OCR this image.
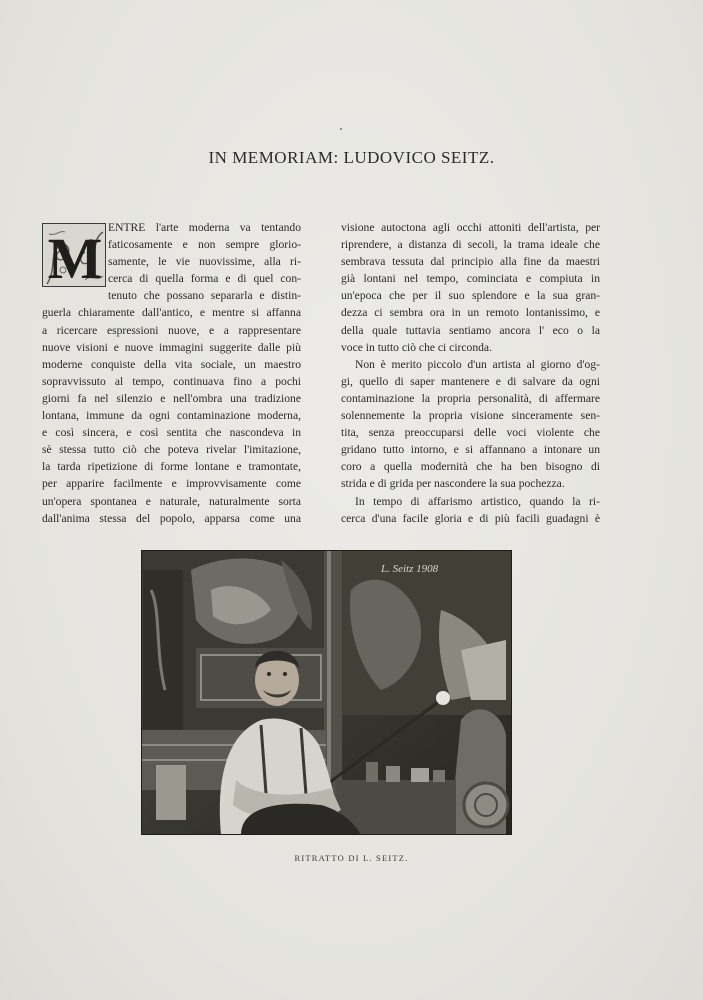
IN MEMORIAM: LUDOVICO SEITZ.
M ENTRE l'arte moderna va tentando
faticosamente e non sempre glorio-
samente, le vie nuovissime, alla ri-
cerca di quella forma e di quel con-
tenuto che possano separarla e distin-
guerla chiaramente dall'antico, e mentre si affanna
a ricercare espressioni nuove, e a rappresentare
nuove visioni e nuove immagini suggerite dalle più
moderne conquiste della vita sociale, un maestro
sopravvissuto al tempo, continuava fino a pochi
giorni fa nel silenzio e nell'ombra una tradizione
lontana, immune da ogni contaminazione moderna,
e così sincera, e così sentita che nascondeva in
sè stessa tutto ciò che poteva rivelar l'imitazione,
la tarda ripetizione di forme lontane e tramontate,
per apparire facilmente e improvvisamente come
un'opera spontanea e naturale, naturalmente sorta
dall'anima stessa del popolo, apparsa come una
visione autoctona agli occhi attoniti dell'artista, per
riprendere, a distanza di secoli, la trama ideale che
sembrava tessuta dal principio alla fine da maestri
già lontani nel tempo, cominciata e compiuta in
un'epoca che per il suo splendore e la sua gran-
dezza ci sembra ora in un remoto lontanissimo, e
della quale tuttavia sentiamo ancora l' eco o la
voce in tutto ciò che ci circonda.
Non è merito piccolo d'un artista al giorno d'og-
gi, quello di saper mantenere e di salvare da ogni
contaminazione la propria personalità, di affermare
solennemente la propria visione sinceramente sen-
tita, senza preoccuparsi delle voci violente che
gridano tutto intorno, e si affannano a intonare un
coro a quella modernità che ha ben bisogno di
strida e di grida per nascondere la sua pochezza.
In tempo di affarismo artistico, quando la ri-
cerca d'una facile gloria e di più facili guadagni è
L. Seitz 1908
RITRATTO DI L. SEITZ.
